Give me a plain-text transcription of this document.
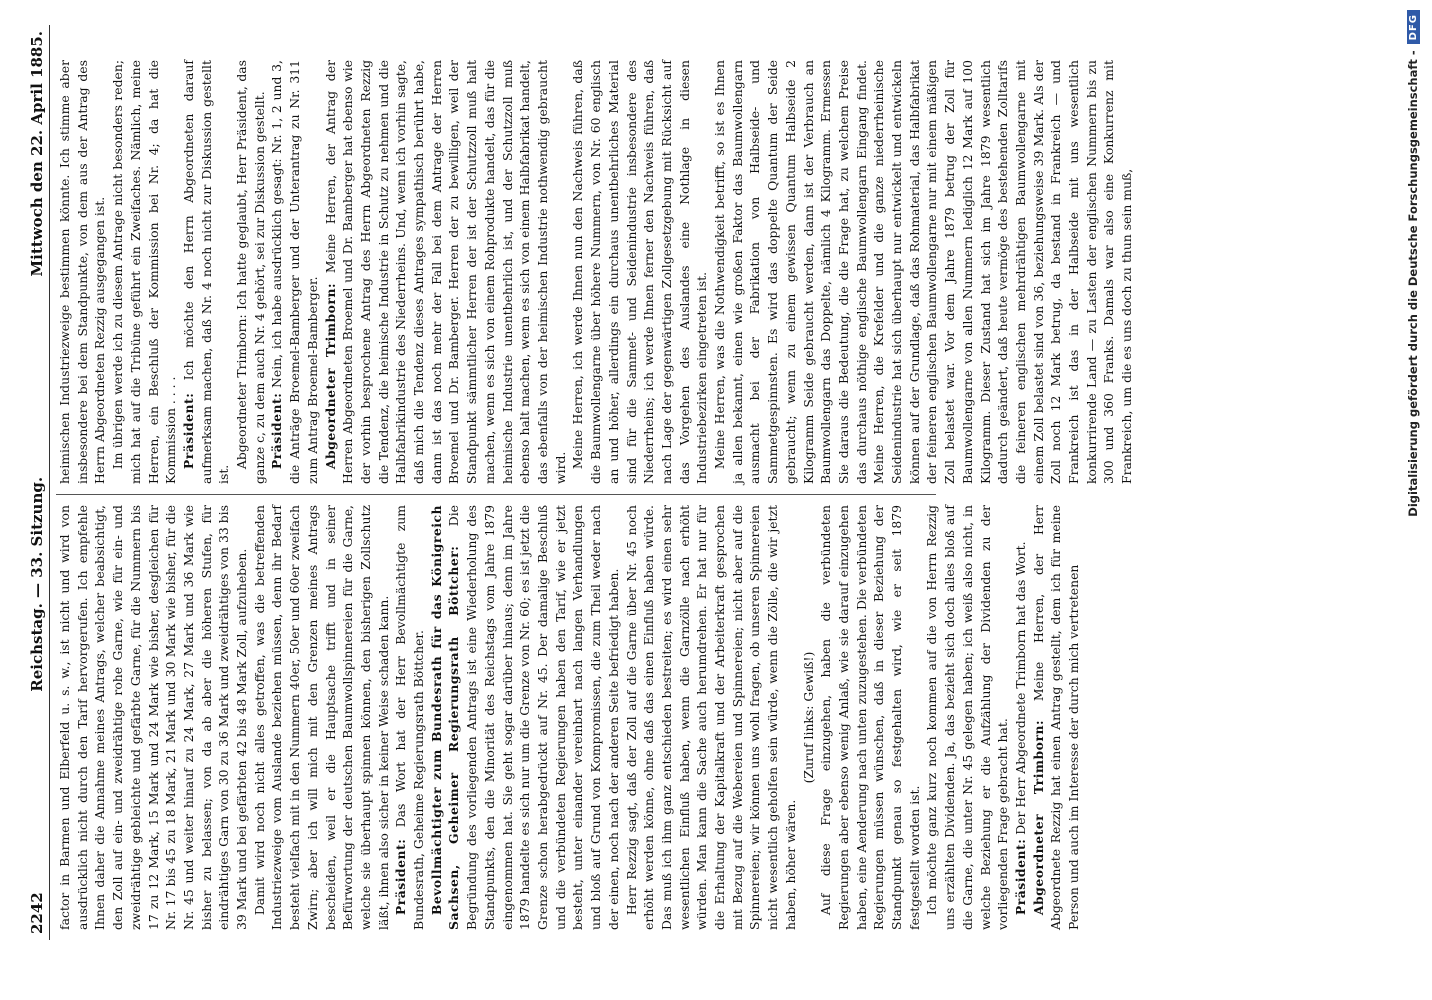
2242
Reichstag. — 33. Sitzung.
Mittwoch den 22. April 1885.

factor in Barmen und Elberfeld u. s. w., ist nicht und wird von ausdrücklich nicht durch den Tarif hervorgerufen. Ich empfehle Ihnen daher die Annahme meines Antrags, welcher beabsichtigt, den Zoll auf ein- und zweidrähtige rohe Garne, wie für ein- und zweidrähtige gebleichte und gefärbte Garne, für die Nummern bis 17 zu 12 Mark, 15 Mark und 24 Mark wie bisher, desgleichen für Nr. 17 bis 45 zu 18 Mark, 21 Mark und 30 Mark wie bisher, für die Nr. 45 und weiter hinauf zu 24 Mark, 27 Mark und 36 Mark wie bisher zu belassen; von da ab aber die höheren Stufen, für eindrähtiges Garn von 30 zu 36 Mark und zweidrähtiges von 33 bis 39 Mark und bei gefärbten 42 bis 48 Mark Zoll, aufzuheben. Damit wird noch nicht alles getroffen, was die betreffenden Industriezweige vom Auslande beziehen müssen, denn ihr Bedarf besteht vielfach mit in den Nummern 40er, 50er und 60er zweifach Zwirn; aber ich will mich mit den Grenzen meines Antrags bescheiden, weil er die Hauptsache trifft und in seiner Befürwortung der deutschen Baumwollspinnereien für die Garne, welche sie überhaupt spinnen können, den bisherigen Zollschutz läßt, ihnen also sicher in keiner Weise schaden kann. Präsident: Das Wort hat der Herr Bevollmächtigte zum Bundesrath, Geheime Regierungsrath Böttcher. Bevollmächtigter zum Bundesrath für das Königreich Sachsen, Geheimer Regierungsrath Böttcher: Die Begründung des vorliegenden Antrags ist eine Wiederholung des Standpunkts, den die Minorität des Reichstags vom Jahre 1879 eingenommen hat. Sie geht sogar darüber hinaus; denn im Jahre 1879 handelte es sich nur um die Grenze von Nr. 60; es ist jetzt die Grenze schon herabgedrückt auf Nr. 45. Der damalige Beschluß und die verbündeten Regierungen haben den Tarif, wie er jetzt besteht, unter einander vereinbart nach langen Verhandlungen und bloß auf Grund von Kompromissen, die zum Theil weder nach der einen, noch nach der anderen Seite befriedigt haben. Herr Rezzig sagt, daß der Zoll auf die Garne über Nr. 45 noch erhöht werden könne, ohne daß das einen Einfluß haben würde. Das muß ich ihm ganz entschieden bestreiten; es wird einen sehr wesentlichen Einfluß haben, wenn die Garnzölle nach erhöht würden. Man kann die Sache auch herumdrehen. Er hat nur für die Erhaltung der Kapitalkraft und der Arbeiterkraft gesprochen mit Bezug auf die Webereien und Spinnereien; nicht aber auf die Spinnereien; wir können uns wohl fragen, ob unseren Spinnereien nicht wesentlich geholfen sein würde, wenn die Zölle, die wir jetzt haben, höher wären.

(Zuruf links: Gewiß!) Auf diese Frage einzugehen, haben die verbündeten Regierungen aber ebenso wenig Anlaß, wie sie darauf einzugehen haben, eine Aenderung nach unten zuzugestehen. Die verbündeten Regierungen müssen wünschen, daß in dieser Beziehung der Standpunkt genau so festgehalten wird, wie er seit 1879 festgestellt worden ist. Ich möchte ganz kurz noch kommen auf die von Herrn Rezzig uns erzählten Dividenden. Ja, das bezieht sich doch alles bloß auf die Garne, die unter Nr. 45 gelegen haben; ich weiß also nicht, in welche Beziehung er die Aufzählung der Dividenden zu der vorliegenden Frage gebracht hat. Präsident: Der Herr Abgeordnete Trimborn hat das Wort. Abgeordneter Trimborn: Meine Herren, der Herr Abgeordnete Rezzig hat einen Antrag gestellt, dem ich für meine Person und auch im Interesse der durch mich vertretenen

heimischen Industriezweige bestimmen könnte. Ich stimme aber insbesondere bei dem Standpunkte, von dem aus der Antrag des Herrn Abgeordneten Rezzig ausgegangen ist. Im übrigen werde ich zu diesem Antrage nicht besonders reden; mich hat auf die Tribüne geführt ein Zweifaches. Nämlich, meine Herren, ein Beschluß der Kommission bei Nr. 4; da hat die Kommission . . . . Präsident: Ich möchte den Herrn Abgeordneten darauf aufmerksam machen, daß Nr. 4 noch nicht zur Diskussion gestellt ist.

Abgeordneter Trimborn: Ich hatte geglaubt, Herr Präsident, das ganze c, zu dem auch Nr. 4 gehört, sei zur Diskussion gestellt. Präsident: Nein, ich habe ausdrücklich gesagt: Nr. 1, 2 und 3, die Anträge Broemel-Bamberger und der Unterantrag zu Nr. 311 zum Antrag Broemel-Bamberger. Abgeordneter Trimborn: Meine Herren, der Antrag der Herren Abgeordneten Broemel und Dr. Bamberger hat ebenso wie der vorhin besprochene Antrag des Herrn Abgeordneten Rezzig die Tendenz, die heimische Industrie in Schutz zu nehmen und die Halbfabrikindustrie des Niederrheins. Und, wenn ich vorhin sagte, daß mich die Tendenz dieses Antrages sympathisch berührt habe, dann ist das noch mehr der Fall bei dem Antrage der Herren Broemel und Dr. Bamberger. Herren der zu bewilligen, weil der Standpunkt sämmtlicher Herren der ist der Schutzzoll muß halt machen, wenn es sich von einem Rohprodukte handelt, das für die heimische Industrie unentbehrlich ist, und der Schutzzoll muß ebenso halt machen, wenn es sich von einem Halbfabrikat handelt, das ebenfalls von der heimischen Industrie nothwendig gebraucht wird. Meine Herren, ich werde Ihnen nun den Nachweis führen, daß die Baumwollengarne über höhere Nummern, von Nr. 60 englisch an und höher, allerdings ein durchaus unentbehrliches Material sind für die Sammet- und Seidenindustrie insbesondere des Niederrheins; ich werde Ihnen ferner den Nachweis führen, daß nach Lage der gegenwärtigen Zollgesetzgebung mit Rücksicht auf das Vorgehen des Auslandes eine Nothlage in diesen Industriebezirken eingetreten ist. Meine Herren, was die Nothwendigkeit betrifft, so ist es Ihnen ja allen bekannt, einen wie großen Faktor das Baumwollengarn ausmacht bei der Fabrikation von Halbseide- und Sammetgespinnsten. Es wird das doppelte Quantum der Seide gebraucht; wenn zu einem gewissen Quantum Halbseide 2 Kilogramm Seide gebraucht werden, dann ist der Verbrauch an Baumwollengarn das Doppelte, nämlich 4 Kilogramm. Ermessen Sie daraus die Bedeutung, die die Frage hat, zu welchem Preise das durchaus nöthige englische Baumwollengarn Eingang findet. Meine Herren, die Krefelder und die ganze niederrheinische Seidenindustrie hat sich überhaupt nur entwickelt und entwickeln können auf der Grundlage, daß das Rohmaterial, das Halbfabrikat der feineren englischen Baumwollengarne nur mit einem mäßigen Zoll belastet war. Vor dem Jahre 1879 betrug der Zoll für Baumwollengarne von allen Nummern lediglich 12 Mark auf 100 Kilogramm. Dieser Zustand hat sich im Jahre 1879 wesentlich dadurch geändert, daß heute vermöge des bestehenden Zolltarifs die feineren englischen mehrdrähtigen Baumwollengarne mit einem Zoll belastet sind von 36, beziehungsweise 39 Mark. Als der Zoll noch 12 Mark betrug, da bestand in Frankreich — und Frankreich ist das in der Halbseide mit uns wesentlich konkurrirende Land — zu Lasten der englischen Nummern bis zu 300 und 360 Franks. Damals war also eine Konkurrenz mit Frankreich, um die es uns doch zu thun sein muß,	Digitalisierung gefördert durch die Deutsche Forschungsgemeinschaft -
DFG
